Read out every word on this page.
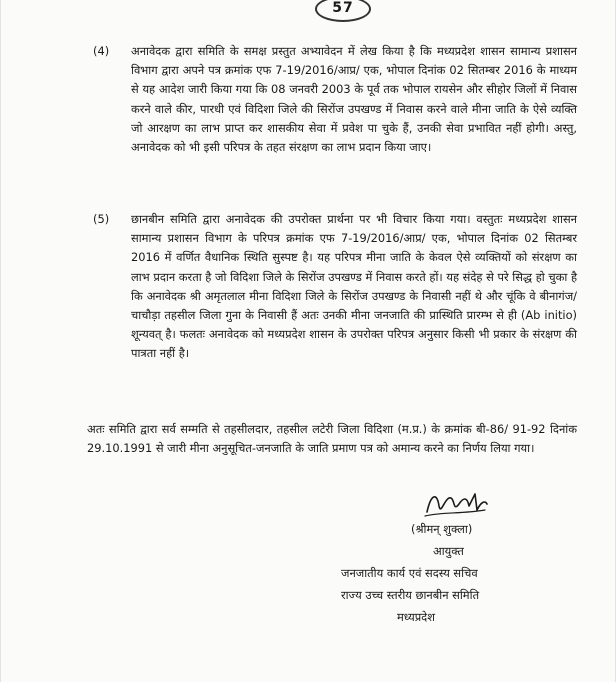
57
(4) अनावेदक द्वारा समिति के समक्ष प्रस्तुत अभ्यावेदन में लेख किया है कि मध्यप्रदेश शासन सामान्य प्रशासन विभाग द्वारा अपने पत्र क्रमांक एफ 7-19/2016/आप्र/ एक, भोपाल दिनांक 02 सितम्बर 2016 के माध्यम से यह आदेश जारी किया गया कि 08 जनवरी 2003 के पूर्व तक भोपाल रायसेन और सीहोर जिलों में निवास करने वाले कीर, पारधी एवं विदिशा जिले की सिरोंज उपखण्ड में निवास करने वाले मीना जाति के ऐसे व्यक्ति जो आरक्षण का लाभ प्राप्त कर शासकीय सेवा में प्रवेश पा चुके हैं, उनकी सेवा प्रभावित नहीं होगी। अस्तु, अनावेदक को भी इसी परिपत्र के तहत संरक्षण का लाभ प्रदान किया जाए।
(5) छानबीन समिति द्वारा अनावेदक की उपरोक्त प्रार्थना पर भी विचार किया गया। वस्तुतः मध्यप्रदेश शासन सामान्य प्रशासन विभाग के परिपत्र क्रमांक एफ 7-19/2016/आप्र/ एक, भोपाल दिनांक 02 सितम्बर 2016 में वर्णित वैधानिक स्थिति सुस्पष्ट है। यह परिपत्र मीना जाति के केवल ऐसे व्यक्तियों को संरक्षण का लाभ प्रदान करता है जो विदिशा जिले के सिरोंज उपखण्ड में निवास करते हों। यह संदेह से परे सिद्ध हो चुका है कि अनावेदक श्री अमृतलाल मीना विदिशा जिले के सिरोंज उपखण्ड के निवासी नहीं थे और चूंकि वे बीनागंज/चाचौड़ा तहसील जिला गुना के निवासी हैं अतः उनकी मीना जनजाति की प्रास्थिति प्रारम्भ से ही (Ab initio) शून्यवत् है। फलतः अनावेदक को मध्यप्रदेश शासन के उपरोक्त परिपत्र अनुसार किसी भी प्रकार के संरक्षण की पात्रता नहीं है।
अतः समिति द्वारा सर्व सम्मति से तहसीलदार, तहसील लटेरी जिला विदिशा (म.प्र.) के क्रमांक बी-86/ 91-92 दिनांक 29.10.1991 से जारी मीना अनुसूचित-जनजाति के जाति प्रमाण पत्र को अमान्य करने का निर्णय लिया गया।
(श्रीमन् शुक्ला)
आयुक्त
जनजातीय कार्य एवं सदस्य सचिव
राज्य उच्च स्तरीय छानबीन समिति
मध्यप्रदेश
